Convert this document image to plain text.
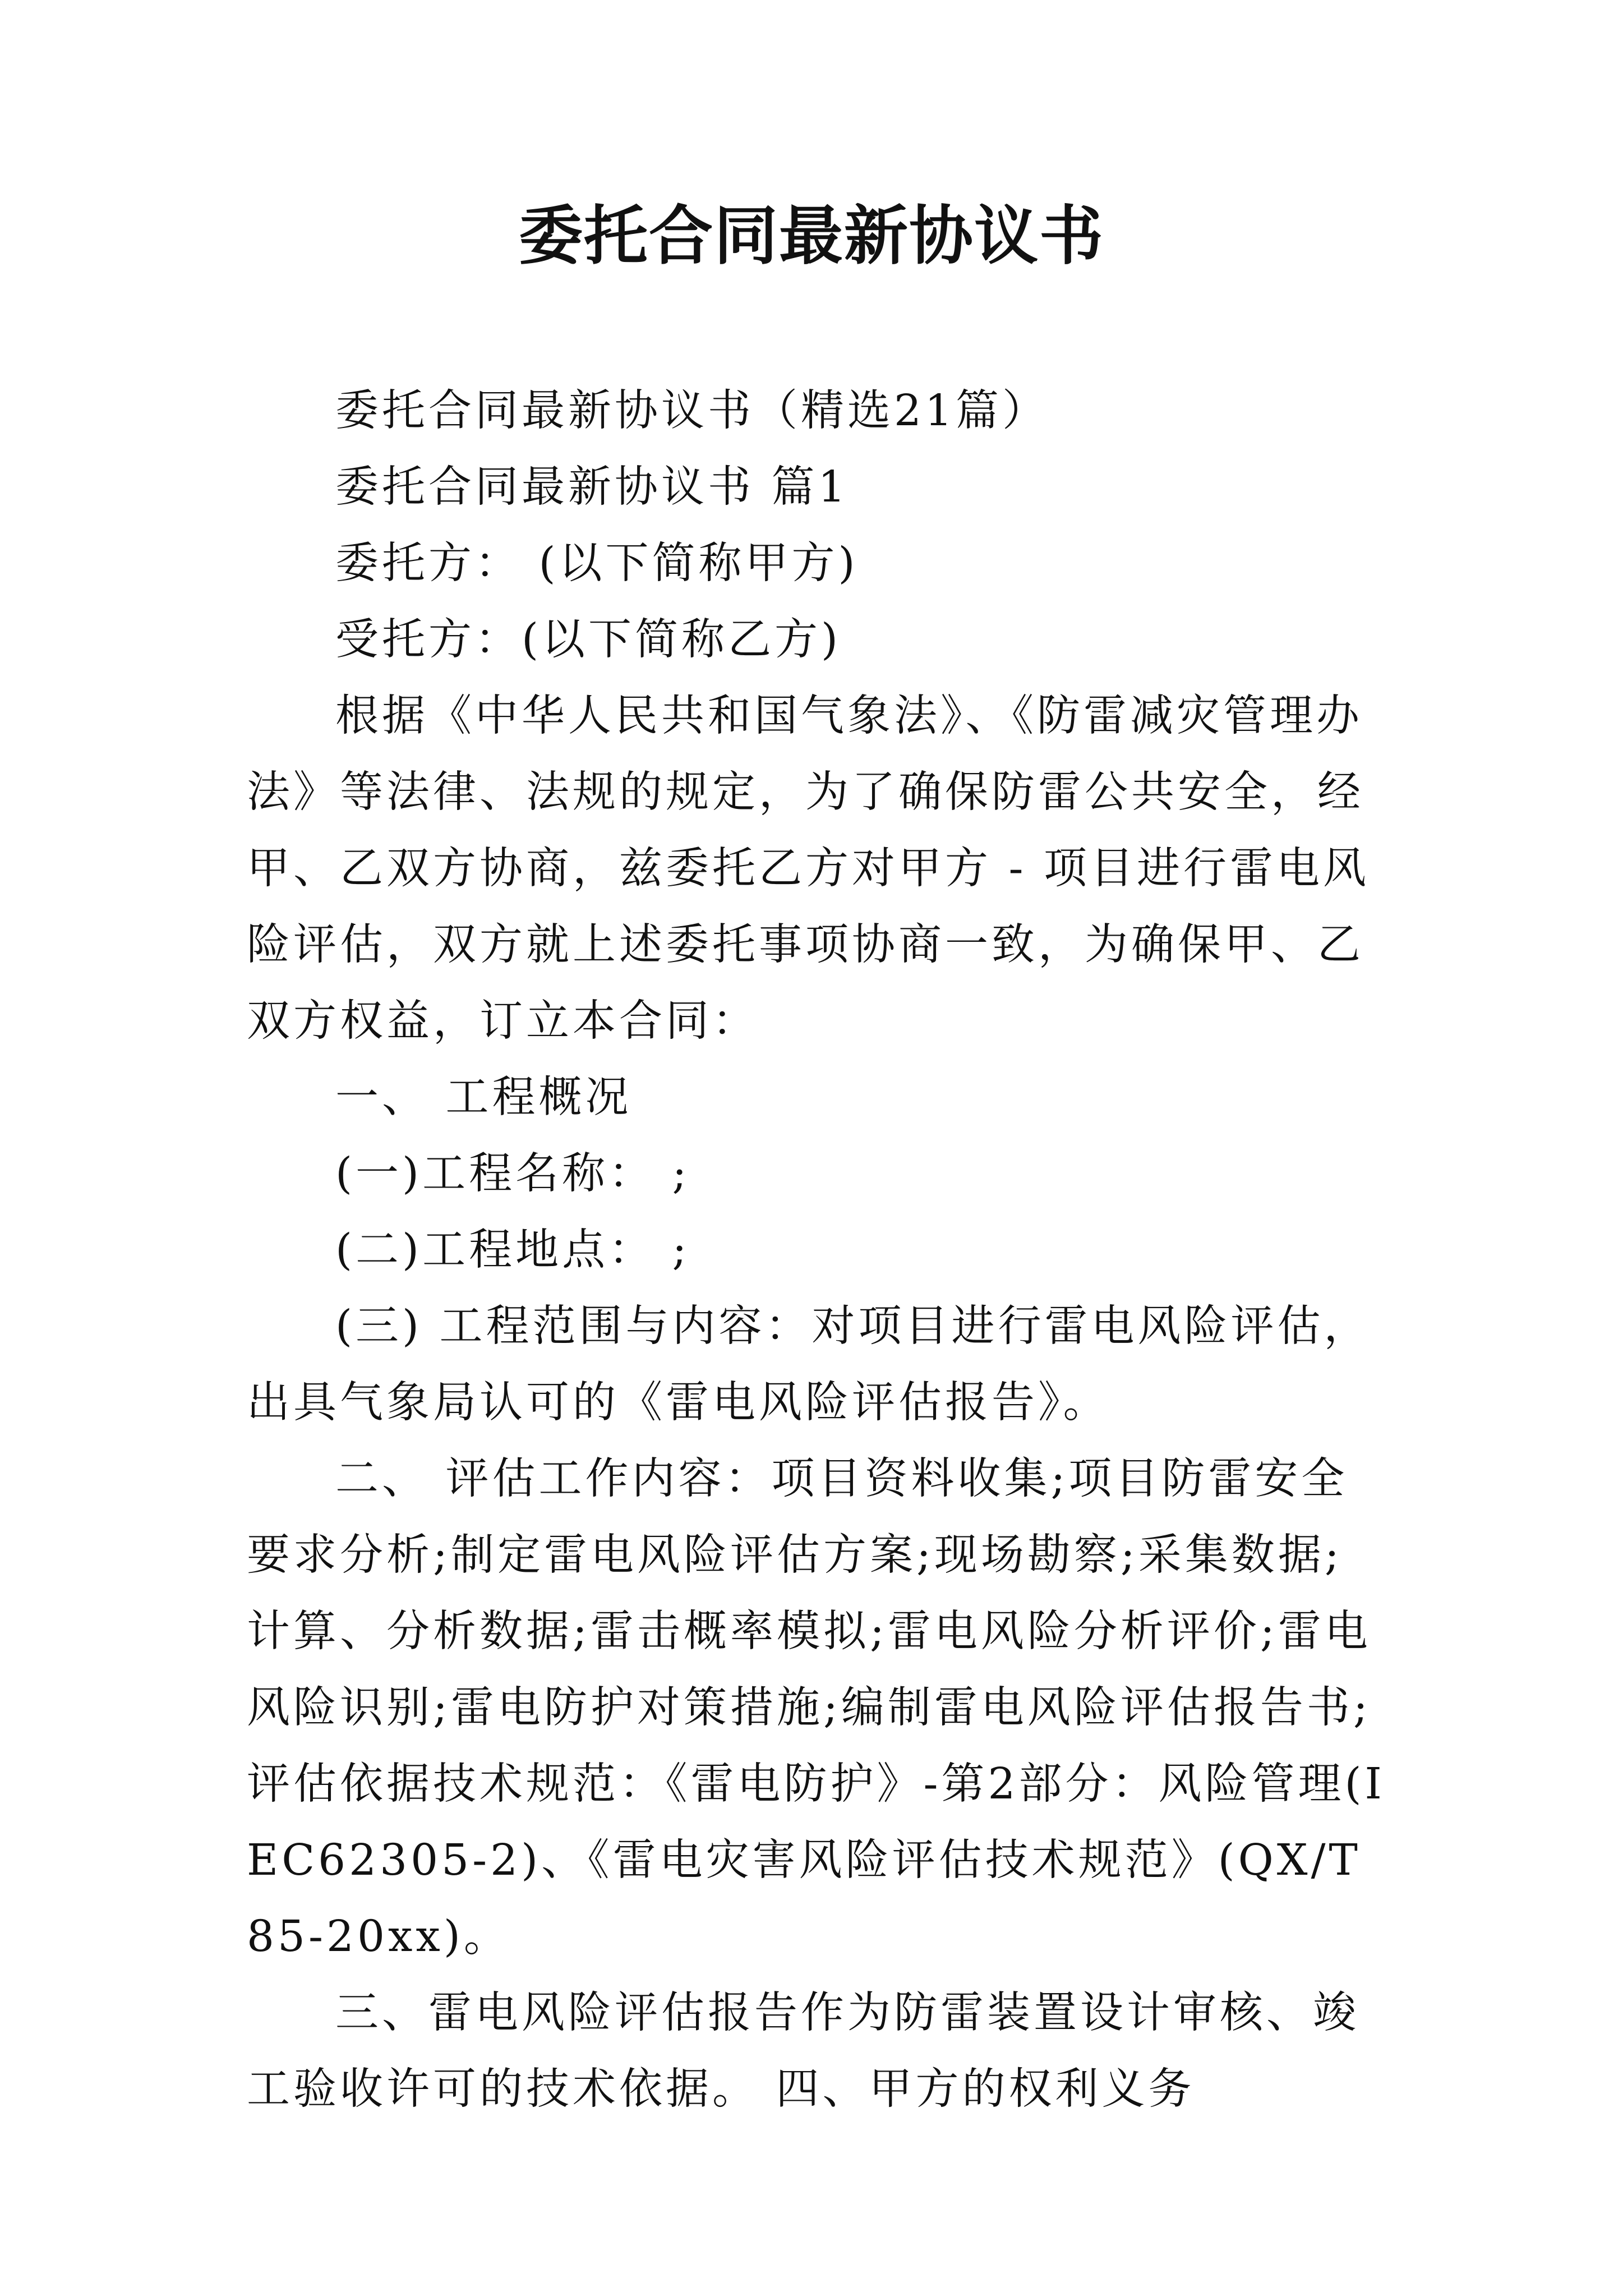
委托合同最新协议书

委托合同最新协议书（精选21篇）

委托合同最新协议书 篇1

委托方： (以下简称甲方)

受托方：(以下简称乙方)

根据《中华人民共和国气象法》、《防雷减灾管理办法》等法律、法规的规定，为了确保防雷公共安全，经甲、乙双方协商，兹委托乙方对甲方 - 项目进行雷电风险评估，双方就上述委托事项协商一致，为确保甲、乙双方权益，订立本合同：

一、 工程概况

(一)工程名称： ;

(二)工程地点： ;

(三) 工程范围与内容：对项目进行雷电风险评估，出具气象局认可的《雷电风险评估报告》。

二、 评估工作内容：项目资料收集;项目防雷安全要求分析;制定雷电风险评估方案;现场勘察;采集数据;计算、分析数据;雷击概率模拟;雷电风险分析评价;雷电风险识别;雷电防护对策措施;编制雷电风险评估报告书;评估依据技术规范：《雷电防护》-第2部分：风险管理(IEC62305-2)、《雷电灾害风险评估技术规范》(QX/T85-20xx)。

三、雷电风险评估报告作为防雷装置设计审核、竣工验收许可的技术依据。 四、甲方的权利义务
